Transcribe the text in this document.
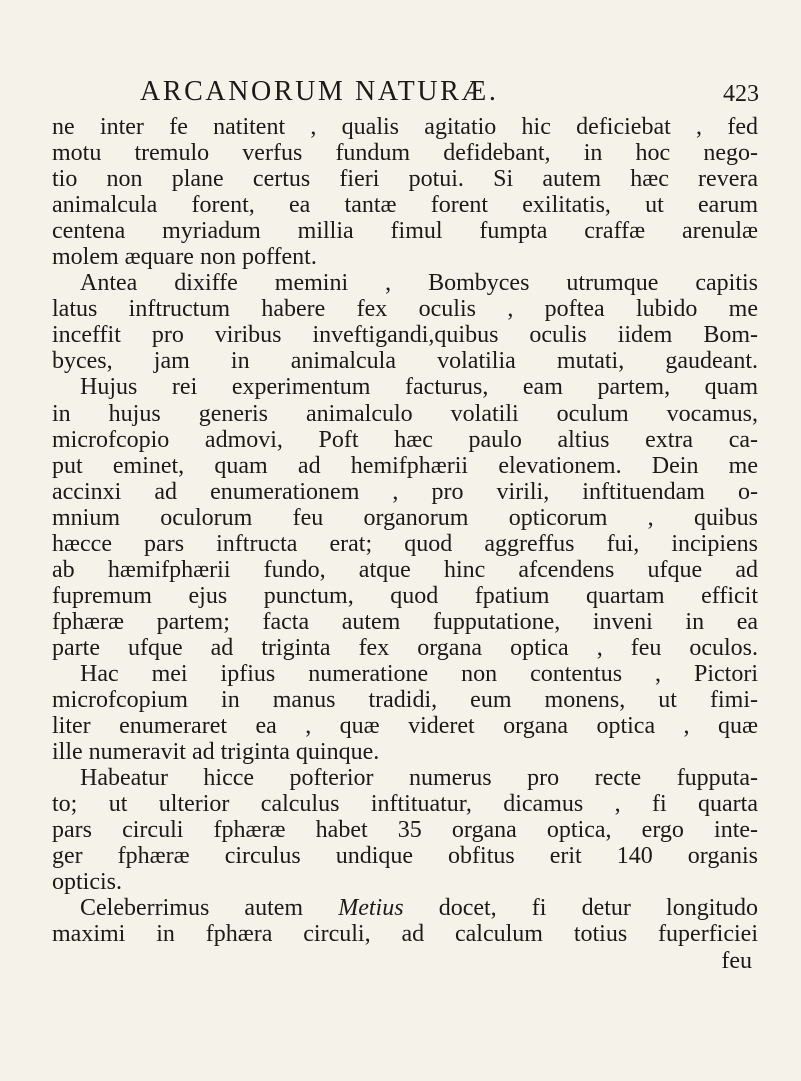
ARCANORUM NATURÆ.	423
ne inter fe natitent , qualis agitatio hic deficiebat , fed
motu tremulo verfus fundum defidebant, in hoc nego-
tio non plane certus fieri potui. Si autem hæc revera
animalcula forent, ea tantæ forent exilitatis, ut earum
centena myriadum millia fimul fumpta craffæ arenulæ
molem æquare non poffent.
Antea dixiffe memini , Bombyces utrumque capitis
latus inftructum habere fex oculis , poftea lubido me
inceffit pro viribus inveftigandi,quibus oculis iidem Bom-
byces, jam in animalcula volatilia mutati, gaudeant.
Hujus rei experimentum facturus, eam partem, quam
in hujus generis animalculo volatili oculum vocamus,
microfcopio admovi, Poft hæc paulo altius extra ca-
put eminet, quam ad hemifphærii elevationem. Dein me
accinxi ad enumerationem , pro virili, inftituendam o-
mnium oculorum feu organorum opticorum , quibus
hæcce pars inftructa erat; quod aggreffus fui, incipiens
ab hæmifphærii fundo, atque hinc afcendens ufque ad
fupremum ejus punctum, quod fpatium quartam efficit
fphæræ partem; facta autem fupputatione, inveni in ea
parte ufque ad triginta fex organa optica , feu oculos.
Hac mei ipfius numeratione non contentus , Pictori
microfcopium in manus tradidi, eum monens, ut fimi-
liter enumeraret ea , quæ videret organa optica , quæ
ille numeravit ad triginta quinque.
Habeatur hicce pofterior numerus pro recte fupputa-
to; ut ulterior calculus inftituatur, dicamus , fi quarta
pars circuli fphæræ habet 35 organa optica, ergo inte-
ger fphæræ circulus undique obfitus erit 140 organis
opticis.
Celeberrimus autem Metius docet, fi detur longitudo
maximi in fphæra circuli, ad calculum totius fuperficiei
feu
